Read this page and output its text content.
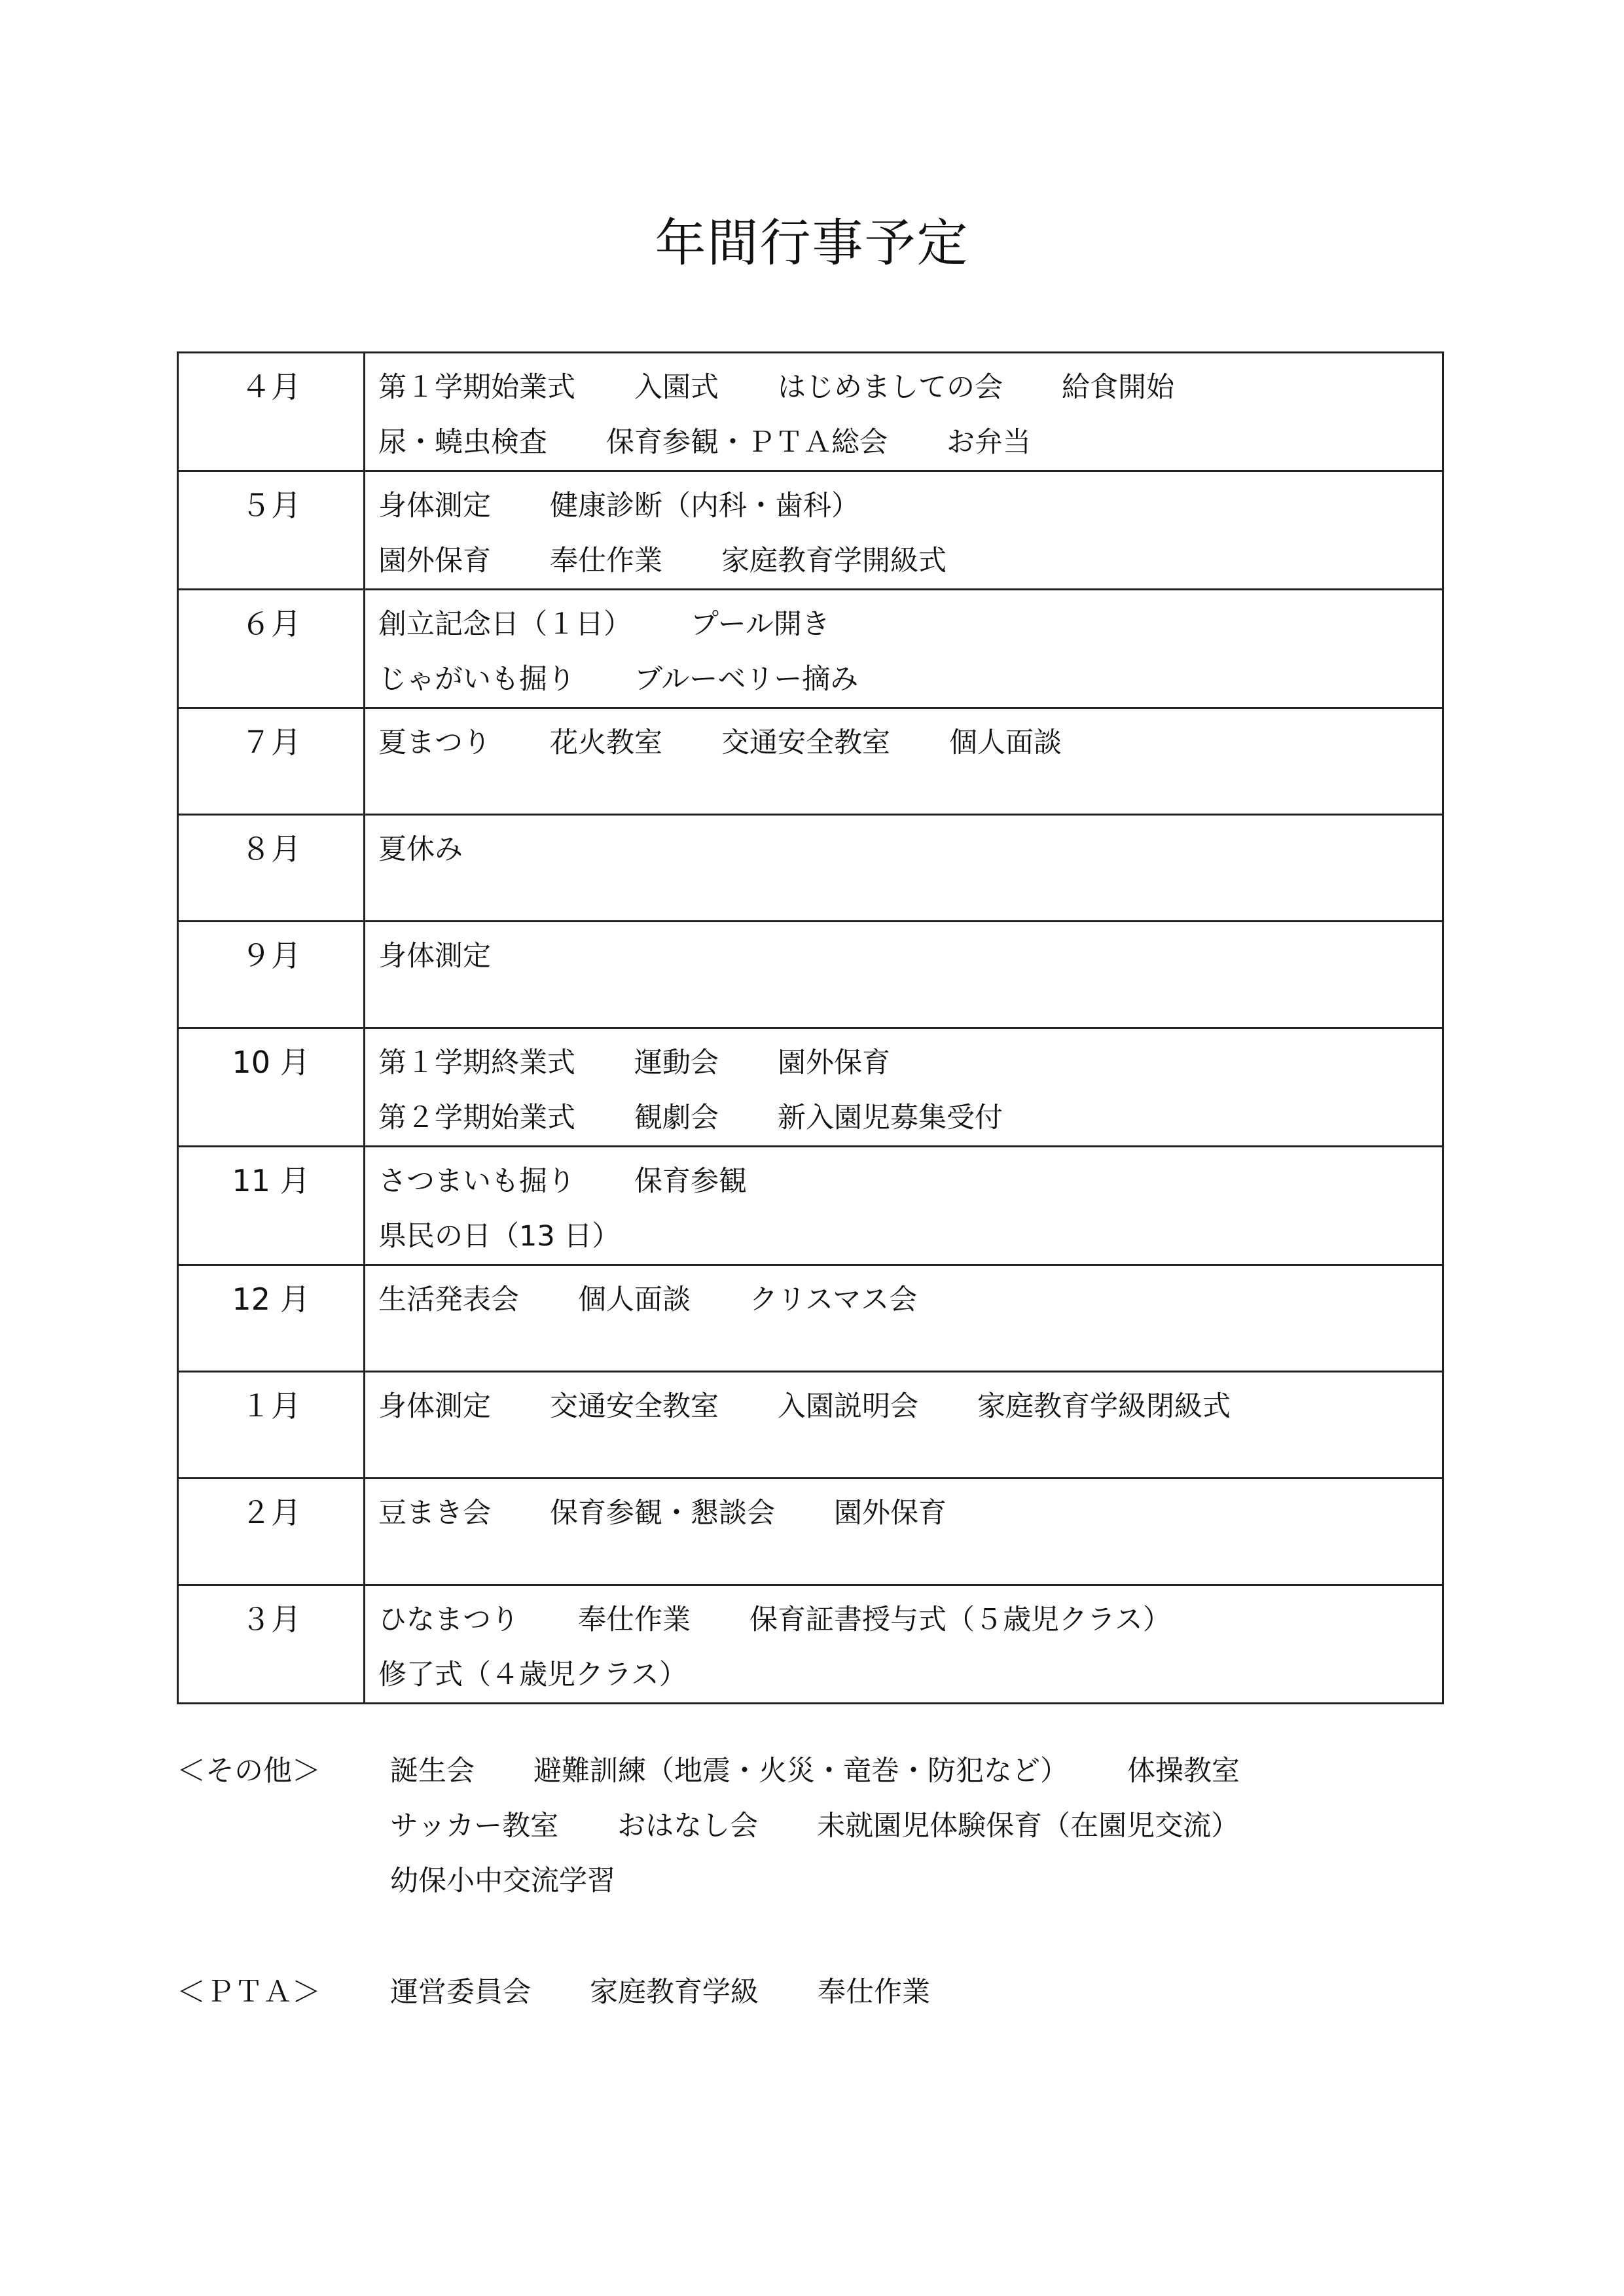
年間行事予定
４月	第１学期始業式 入園式 はじめましての会 給食開始
尿・蟯虫検査 保育参観・ＰＴＡ総会 お弁当

５月	身体測定 健康診断（内科・歯科）
園外保育 奉仕作業 家庭教育学開級式

６月	創立記念日（１日） プール開き
じゃがいも掘り ブルーベリー摘み

７月	夏まつり 花火教室 交通安全教室 個人面談

８月	夏休み

９月	身体測定

10 月	第１学期終業式 運動会 園外保育
第２学期始業式 観劇会 新入園児募集受付

11 月	さつまいも掘り 保育参観
県民の日（13 日）

12 月	生活発表会 個人面談 クリスマス会

１月	身体測定 交通安全教室 入園説明会 家庭教育学級閉級式

２月	豆まき会 保育参観・懇談会 園外保育

３月	ひなまつり 奉仕作業 保育証書授与式（５歳児クラス）
修了式（４歳児クラス）
＜その他＞ 誕生会 避難訓練（地震・火災・竜巻・防犯など） 体操教室
サッカー教室 おはなし会 未就園児体験保育（在園児交流）
幼保小中交流学習
＜ＰＴＡ＞ 運営委員会 家庭教育学級 奉仕作業
